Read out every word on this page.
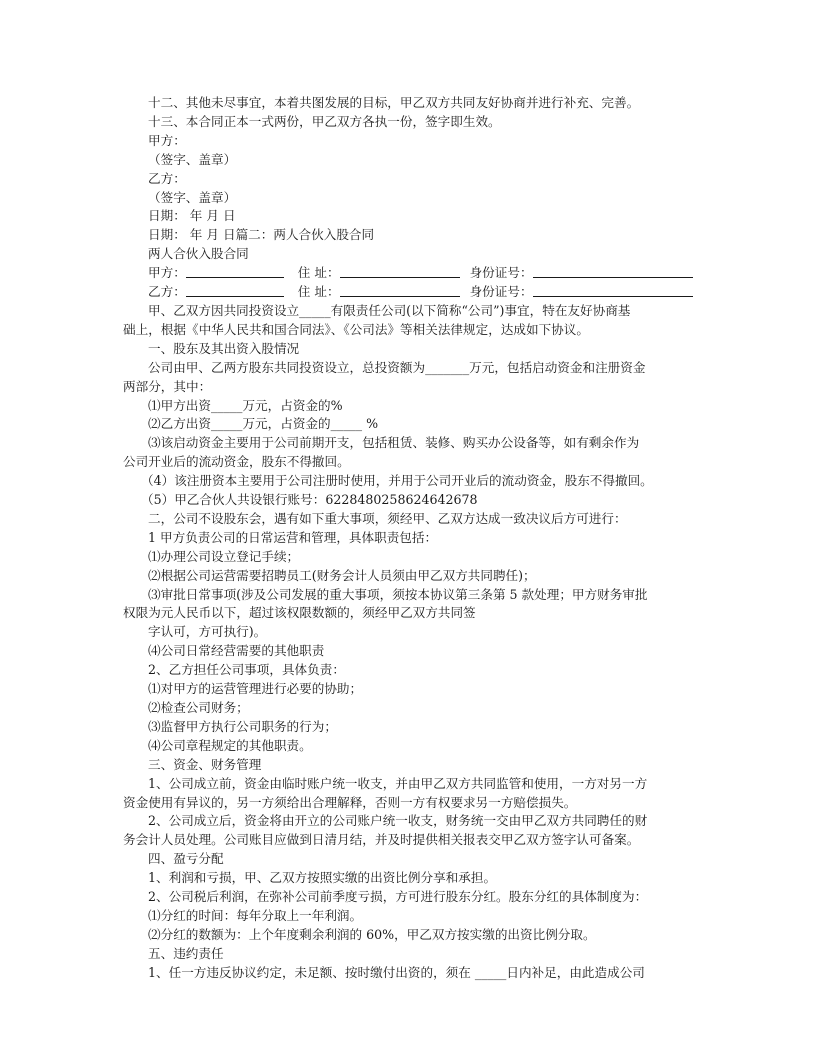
十二、其他未尽事宜，本着共图发展的目标，甲乙双方共同友好协商并进行补充、完善。
十三、本合同正本一式两份，甲乙双方各执一份，签字即生效。
甲方：
（签字、盖章）
乙方：
（签字、盖章）
日期： 年 月 日
日期： 年 月 日篇二：两人合伙入股合同
两人合伙入股合同
甲方：	住 址：	身份证号：
乙方：	住 址：	身份证号：
甲、乙双方因共同投资设立_____有限责任公司(以下简称“公司”)事宜，特在友好协商基
础上，根据《中华人民共和国合同法》、《公司法》等相关法律规定，达成如下协议。
一、股东及其出资入股情况
公司由甲、乙两方股东共同投资设立，总投资额为_______万元，包括启动资金和注册资金
两部分，其中：
⑴甲方出资_____万元，占资金的%
⑵乙方出资_____万元，占资金的_____ %
⑶该启动资金主要用于公司前期开支，包括租赁、装修、购买办公设备等，如有剩余作为
公司开业后的流动资金，股东不得撤回。
（4）该注册资本主要用于公司注册时使用，并用于公司开业后的流动资金，股东不得撤回。
（5）甲乙合伙人共设银行账号：6228480258624642678
二，公司不设股东会，遇有如下重大事项，须经甲、乙双方达成一致决议后方可进行：
1 甲方负责公司的日常运营和管理，具体职责包括：
⑴办理公司设立登记手续；
⑵根据公司运营需要招聘员工(财务会计人员须由甲乙双方共同聘任)；
⑶审批日常事项(涉及公司发展的重大事项，须按本协议第三条第 5 款处理；甲方财务审批
权限为元人民币以下，超过该权限数额的，须经甲乙双方共同签
字认可，方可执行)。
⑷公司日常经营需要的其他职责
2、乙方担任公司事项，具体负责：
⑴对甲方的运营管理进行必要的协助；
⑵检查公司财务；
⑶监督甲方执行公司职务的行为；
⑷公司章程规定的其他职责。
三、资金、财务管理
1、公司成立前，资金由临时账户统一收支，并由甲乙双方共同监管和使用，一方对另一方
资金使用有异议的，另一方须给出合理解释，否则一方有权要求另一方赔偿损失。
2、公司成立后，资金将由开立的公司账户统一收支，财务统一交由甲乙双方共同聘任的财
务会计人员处理。公司账目应做到日清月结，并及时提供相关报表交甲乙双方签字认可备案。
四、盈亏分配
1、利润和亏损，甲、乙双方按照实缴的出资比例分享和承担。
2、公司税后利润，在弥补公司前季度亏损，方可进行股东分红。股东分红的具体制度为：
⑴分红的时间：每年分取上一年利润。
⑵分红的数额为：上个年度剩余利润的 60%，甲乙双方按实缴的出资比例分取。
五、违约责任
1、任一方违反协议约定，未足额、按时缴付出资的，须在 _____日内补足，由此造成公司
